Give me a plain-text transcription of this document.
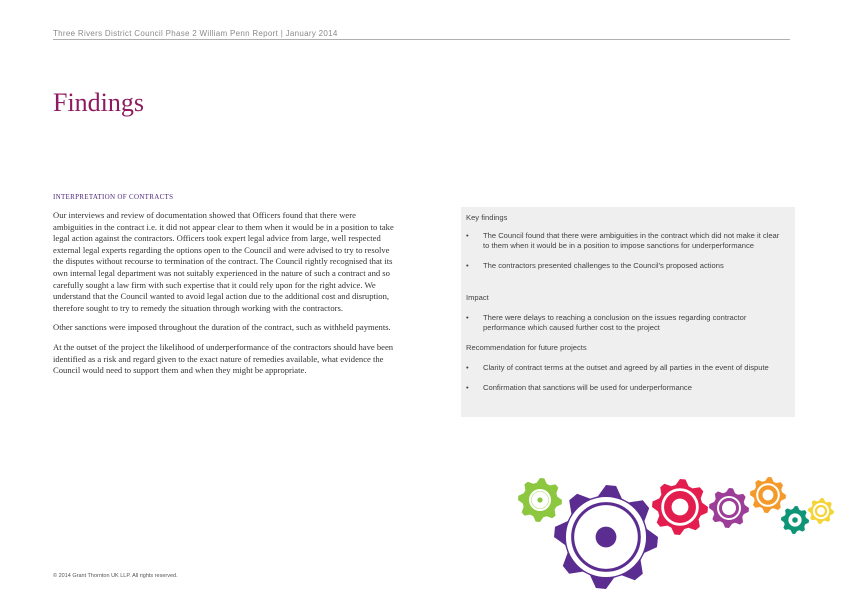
Three Rivers District Council Phase 2 William Penn Report | January 2014
Findings
interpretation of contracts

Our interviews and review of documentation showed that Officers found that there were ambiguities in the contract i.e. it did not appear clear to them when it would be in a position to take legal action against the contractors. Officers took expert legal advice from large, well respected external legal experts regarding the options open to the Council and were advised to try to resolve the disputes without recourse to termination of the contract. The Council rightly recognised that its own internal legal department was not suitably experienced in the nature of such a contract and so carefully sought a law firm with such expertise that it could rely upon for the right advice. We understand that the Council wanted to avoid legal action due to the additional cost and disruption, therefore sought to try to remedy the situation through working with the contractors.

Other sanctions were imposed throughout the duration of the contract, such as withheld payments.

At the outset of the project the likelihood of underperformance of the contractors should have been identified as a risk and regard given to the exact nature of remedies available, what evidence the Council would need to support them and when they might be appropriate.

Key findings
• The Council found that there were ambiguities in the contract which did not make it clear to them when it would be in a position to impose sanctions for underperformance
• The contractors presented challenges to the Council's proposed actions
Impact
• There were delays to reaching a conclusion on the issues regarding contractor performance which caused further cost to the project
Recommendation for future projects
• Clarity of contract terms at the outset and agreed by all parties in the event of dispute
• Confirmation that sanctions will be used for underperformance
© 2014 Grant Thornton UK LLP. All rights reserved.
